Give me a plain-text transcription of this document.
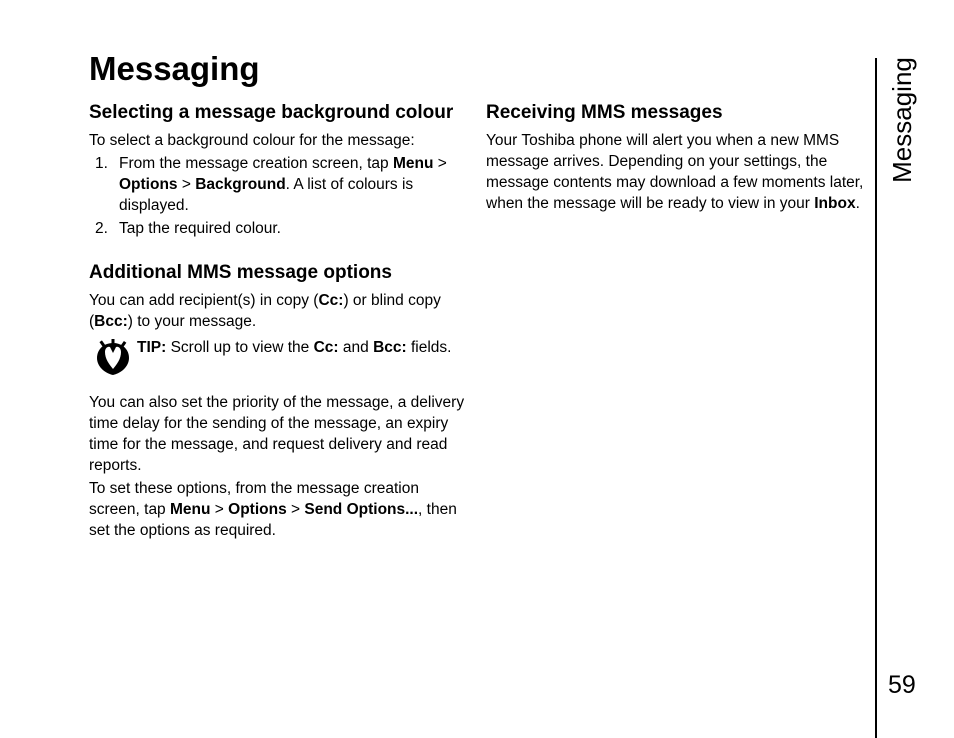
Messaging
Selecting a message background colour

To select a background colour for the message:

1. From the message creation screen, tap Menu > Options > Background. A list of colours is displayed.
2. Tap the required colour.
Additional MMS message options

You can add recipient(s) in copy (Cc:) or blind copy (Bcc:) to your message.

TIP: Scroll up to view the Cc: and Bcc: fields.

You can also set the priority of the message, a delivery time delay for the sending of the message, an expiry time for the message, and request delivery and read reports.

To set these options, from the message creation screen, tap Menu > Options > Send Options..., then set the options as required.

Receiving MMS messages

Your Toshiba phone will alert you when a new MMS message arrives. Depending on your settings, the message contents may download a few moments later, when the message will be ready to view in your Inbox.

Messaging
59
